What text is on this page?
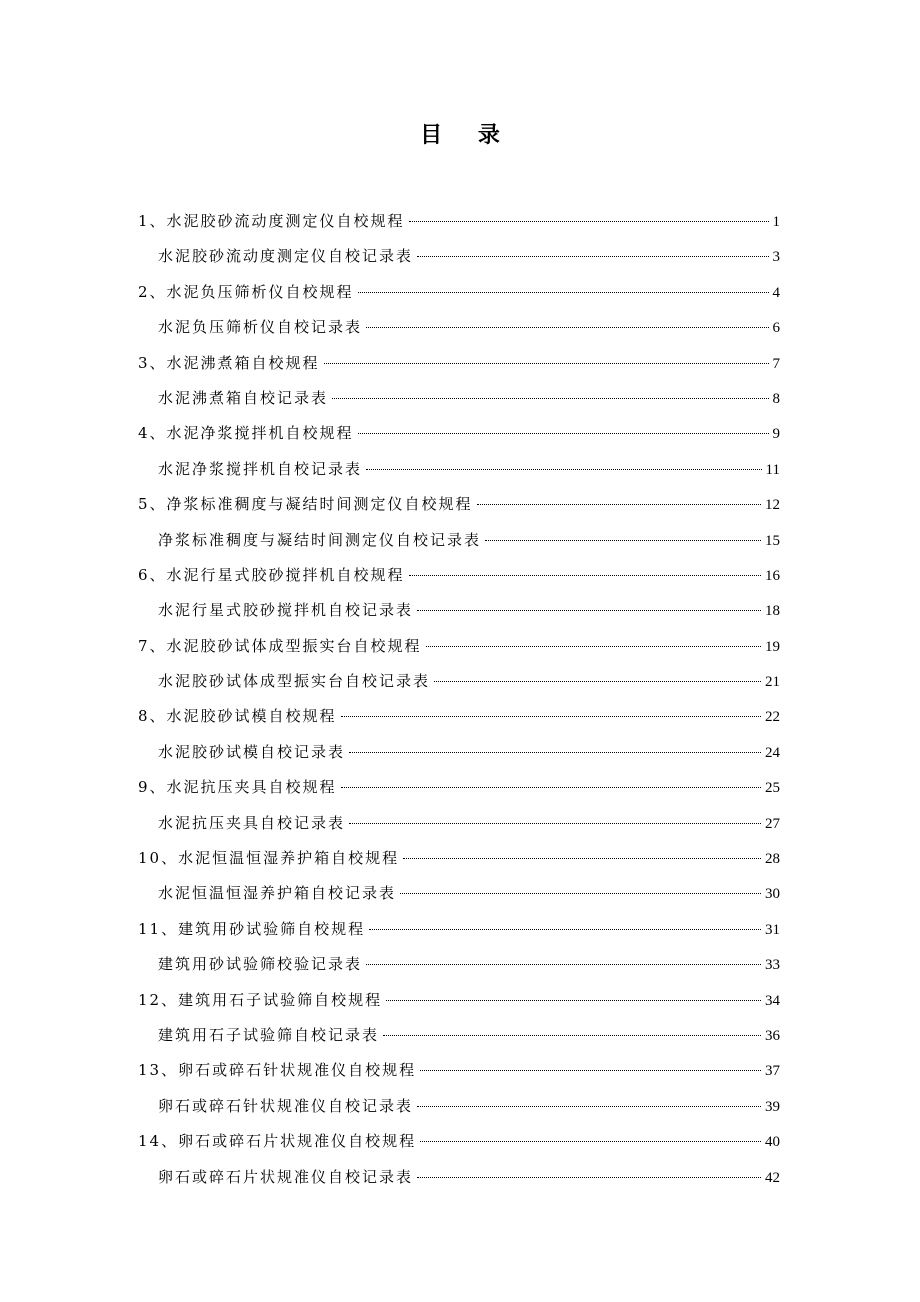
目 录
1、水泥胶砂流动度测定仪自校规程	1
水泥胶砂流动度测定仪自校记录表	3
2、水泥负压筛析仪自校规程	4
水泥负压筛析仪自校记录表	6
3、水泥沸煮箱自校规程	7
水泥沸煮箱自校记录表	8
4、水泥净浆搅拌机自校规程	9
水泥净浆搅拌机自校记录表	11
5、净浆标准稠度与凝结时间测定仪自校规程	12
净浆标准稠度与凝结时间测定仪自校记录表	15
6、水泥行星式胶砂搅拌机自校规程	16
水泥行星式胶砂搅拌机自校记录表	18
7、水泥胶砂试体成型振实台自校规程	19
水泥胶砂试体成型振实台自校记录表	21
8、水泥胶砂试模自校规程	22
水泥胶砂试模自校记录表	24
9、水泥抗压夹具自校规程	25
水泥抗压夹具自校记录表	27
10、水泥恒温恒湿养护箱自校规程	28
水泥恒温恒湿养护箱自校记录表	30
11、建筑用砂试验筛自校规程	31
建筑用砂试验筛校验记录表	33
12、建筑用石子试验筛自校规程	34
建筑用石子试验筛自校记录表	36
13、卵石或碎石针状规准仪自校规程	37
卵石或碎石针状规准仪自校记录表	39
14、卵石或碎石片状规准仪自校规程	40
卵石或碎石片状规准仪自校记录表	42
